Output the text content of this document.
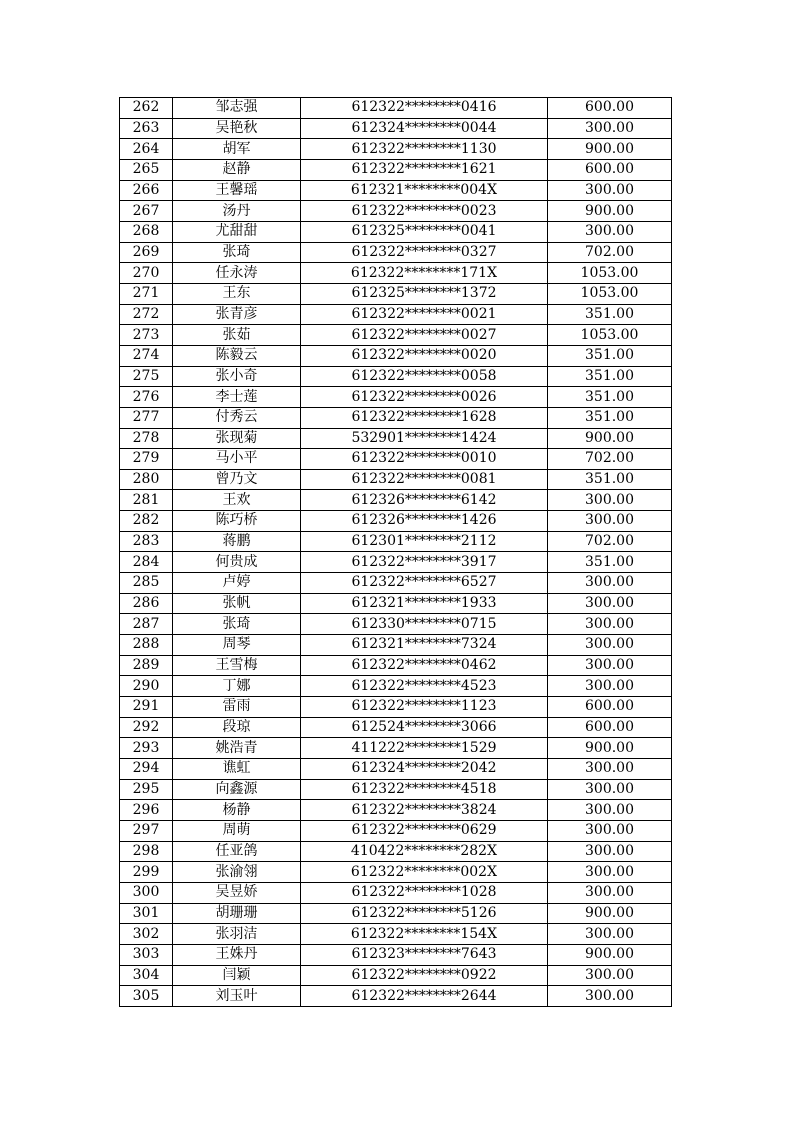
262	邹志强	612322********0416	600.00
263	吴艳秋	612324********0044	300.00
264	胡军	612322********1130	900.00
265	赵静	612322********1621	600.00
266	王馨瑶	612321********004X	300.00
267	汤丹	612322********0023	900.00
268	尤甜甜	612325********0041	300.00
269	张琦	612322********0327	702.00
270	任永涛	612322********171X	1053.00
271	王东	612325********1372	1053.00
272	张青彦	612322********0021	351.00
273	张茹	612322********0027	1053.00
274	陈毅云	612322********0020	351.00
275	张小奇	612322********0058	351.00
276	李士莲	612322********0026	351.00
277	付秀云	612322********1628	351.00
278	张现菊	532901********1424	900.00
279	马小平	612322********0010	702.00
280	曾乃文	612322********0081	351.00
281	王欢	612326********6142	300.00
282	陈巧桥	612326********1426	300.00
283	蒋鹏	612301********2112	702.00
284	何贵成	612322********3917	351.00
285	卢婷	612322********6527	300.00
286	张帆	612321********1933	300.00
287	张琦	612330********0715	300.00
288	周琴	612321********7324	300.00
289	王雪梅	612322********0462	300.00
290	丁娜	612322********4523	300.00
291	雷雨	612322********1123	600.00
292	段琼	612524********3066	600.00
293	姚浩青	411222********1529	900.00
294	谯虹	612324********2042	300.00
295	向鑫源	612322********4518	300.00
296	杨静	612322********3824	300.00
297	周萌	612322********0629	300.00
298	任亚鸽	410422********282X	300.00
299	张渝翎	612322********002X	300.00
300	吴昱娇	612322********1028	300.00
301	胡珊珊	612322********5126	900.00
302	张羽洁	612322********154X	300.00
303	王姝丹	612323********7643	900.00
304	闫颖	612322********0922	300.00
305	刘玉叶	612322********2644	300.00
